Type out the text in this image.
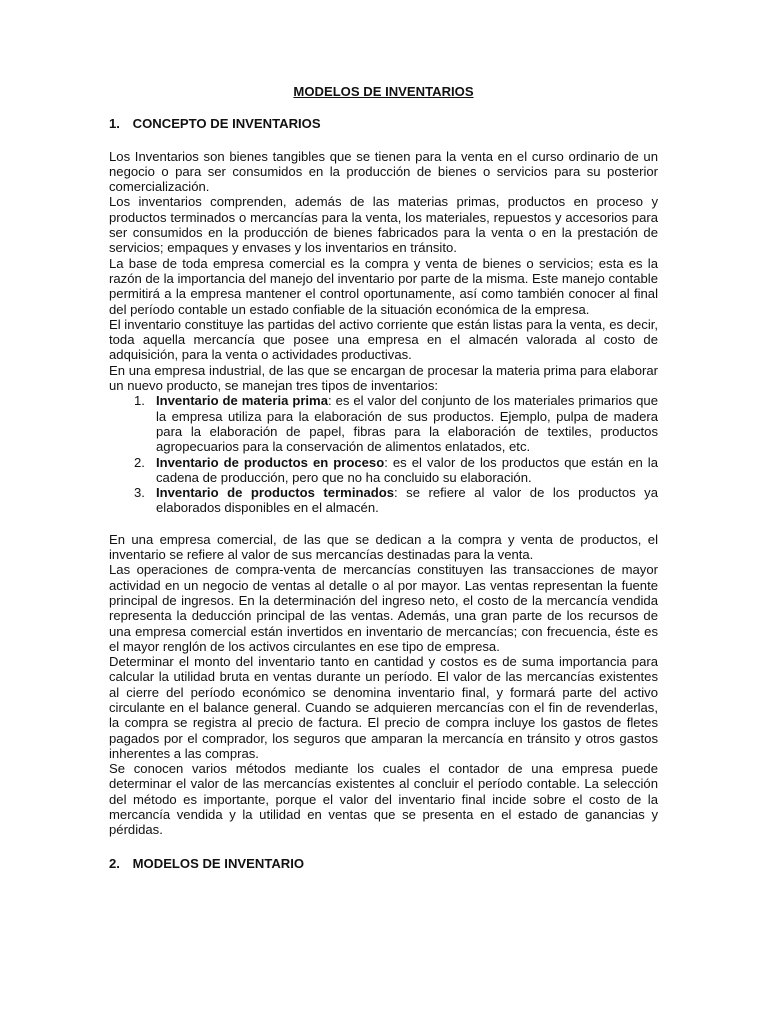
MODELOS DE INVENTARIOS

1. CONCEPTO DE INVENTARIOS

Los Inventarios son bienes tangibles que se tienen para la venta en el curso ordinario de un negocio o para ser consumidos en la producción de bienes o servicios para su posterior comercialización.

Los inventarios comprenden, además de las materias primas, productos en proceso y productos terminados o mercancías para la venta, los materiales, repuestos y accesorios para ser consumidos en la producción de bienes fabricados para la venta o en la prestación de servicios; empaques y envases y los inventarios en tránsito.

La base de toda empresa comercial es la compra y venta de bienes o servicios; esta es la razón de la importancia del manejo del inventario por parte de la misma. Este manejo contable permitirá a la empresa mantener el control oportunamente, así como también conocer al final del período contable un estado confiable de la situación económica de la empresa.

El inventario constituye las partidas del activo corriente que están listas para la venta, es decir, toda aquella mercancía que posee una empresa en el almacén valorada al costo de adquisición, para la venta o actividades productivas.

En una empresa industrial, de las que se encargan de procesar la materia prima para elaborar un nuevo producto, se manejan tres tipos de inventarios:

1. Inventario de materia prima: es el valor del conjunto de los materiales primarios que la empresa utiliza para la elaboración de sus productos. Ejemplo, pulpa de madera para la elaboración de papel, fibras para la elaboración de textiles, productos agropecuarios para la conservación de alimentos enlatados, etc.
2. Inventario de productos en proceso: es el valor de los productos que están en la cadena de producción, pero que no ha concluido su elaboración.
3. Inventario de productos terminados: se refiere al valor de los productos ya elaborados disponibles en el almacén.

En una empresa comercial, de las que se dedican a la compra y venta de productos, el inventario se refiere al valor de sus mercancías destinadas para la venta.

Las operaciones de compra-venta de mercancías constituyen las transacciones de mayor actividad en un negocio de ventas al detalle o al por mayor. Las ventas representan la fuente principal de ingresos. En la determinación del ingreso neto, el costo de la mercancía vendida representa la deducción principal de las ventas. Además, una gran parte de los recursos de una empresa comercial están invertidos en inventario de mercancías; con frecuencia, éste es el mayor renglón de los activos circulantes en ese tipo de empresa.

Determinar el monto del inventario tanto en cantidad y costos es de suma importancia para calcular la utilidad bruta en ventas durante un período. El valor de las mercancías existentes al cierre del período económico se denomina inventario final, y formará parte del activo circulante en el balance general. Cuando se adquieren mercancías con el fin de revenderlas, la compra se registra al precio de factura. El precio de compra incluye los gastos de fletes pagados por el comprador, los seguros que amparan la mercancía en tránsito y otros gastos inherentes a las compras.

Se conocen varios métodos mediante los cuales el contador de una empresa puede determinar el valor de las mercancías existentes al concluir el período contable. La selección del método es importante, porque el valor del inventario final incide sobre el costo de la mercancía vendida y la utilidad en ventas que se presenta en el estado de ganancias y pérdidas.

2. MODELOS DE INVENTARIO
